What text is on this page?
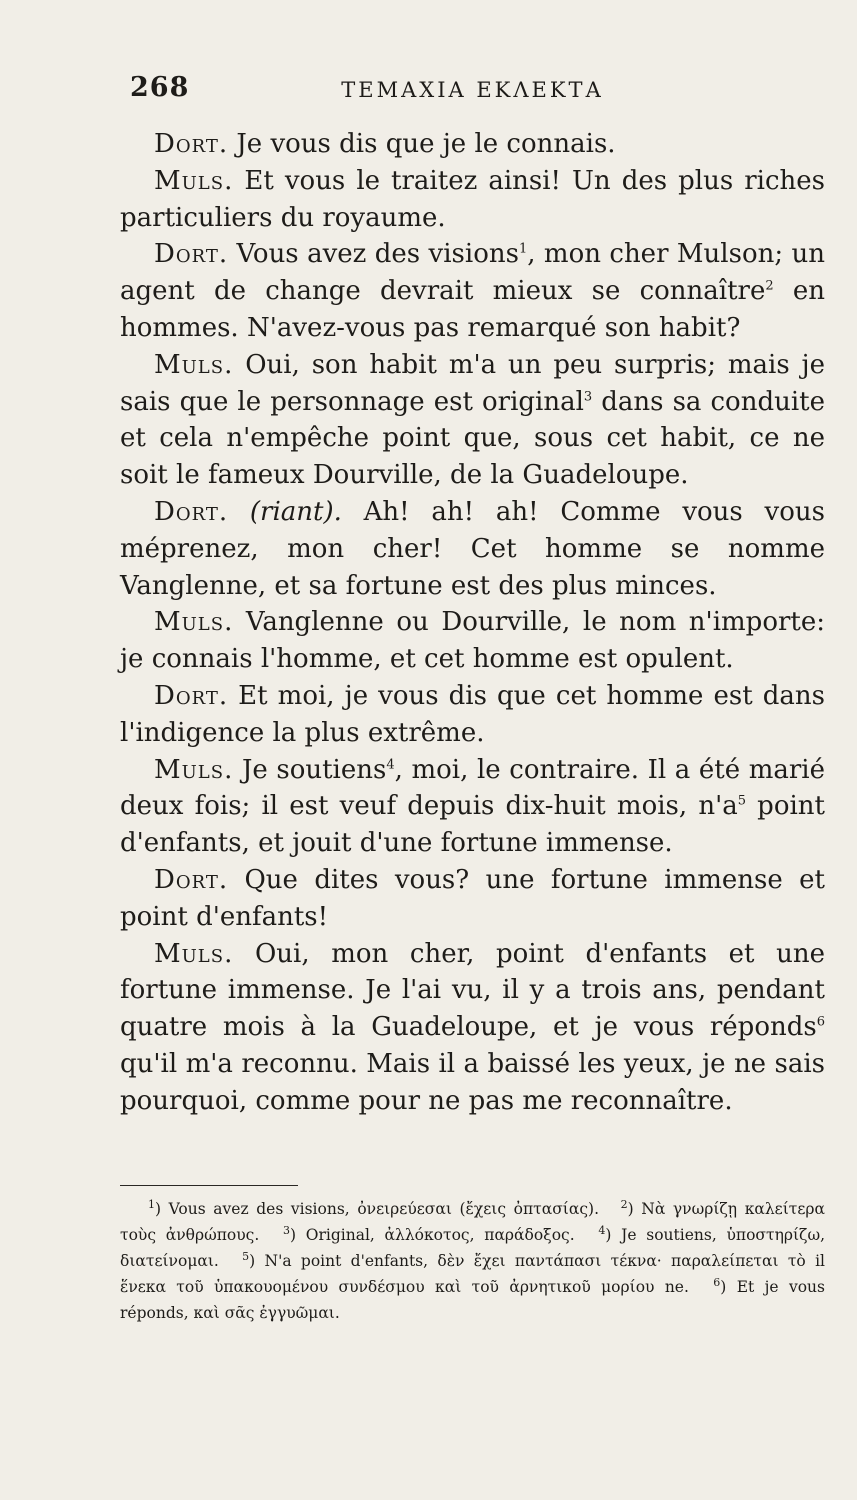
268	ΤΕΜΑΧΙΑ ΕΚΛΕΚΤΑ

Dort. Je vous dis que je le connais.

Muls. Et vous le traitez ainsi! Un des plus riches particuliers du royaume.

Dort. Vous avez des visions$^1$, mon cher Mulson; un agent de change devrait mieux se connaître$^2$ en hommes. N'avez-vous pas remarqué son habit?

Muls. Oui, son habit m'a un peu surpris; mais je sais que le personnage est original$^3$ dans sa conduite et cela n'empêche point que, sous cet habit, ce ne soit le fameux Dourville, de la Guadeloupe.

Dort. (riant). Ah! ah! ah! Comme vous vous méprenez, mon cher! Cet homme se nomme Vanglenne, et sa fortune est des plus minces.

Muls. Vanglenne ou Dourville, le nom n'importe: je connais l'homme, et cet homme est opulent.

Dort. Et moi, je vous dis que cet homme est dans l'indigence la plus extrême.

Muls. Je soutiens$^4$, moi, le contraire. Il a été marié deux fois; il est veuf depuis dix-huit mois, $n'a^5$ point d'enfants, et jouit d'une fortune immense.

Dort. Que dites vous? une fortune immense et point d'enfants!

Muls. Oui, mon cher, point d'enfants et une fortune immense. Je l'ai vu, il y a trois ans, pendant quatre mois à la Guadeloupe, et je vous réponds$^6$ qu'il m'a reconnu. Mais il a baissé les yeux, je ne sais pourquoi, comme pour ne pas me reconnaître.

$^1$) Vous avez des visions, ὀνειρεύεσαι (ἔχεις ὀπτασίας). $^2$) Νὰ γνωρίζῃ καλείτερα τοὺς ἀνθρώπους. $^3$) Original, ἀλλόκοτος, παράδοξος. $^4$) Je soutiens, ὑποστηρίζω, διατείνομαι. $^5$) N'a point d'enfants, δὲν ἔχει παντάπασι τέκνα· παραλείπεται τὸ il ἕνεκα τοῦ ὑπακουομένου συνδέσμου καὶ τοῦ ἀρνητικοῦ μορίου ne. $^6$) Et je vous réponds, καὶ σᾶς ἐγγυῶμαι.
